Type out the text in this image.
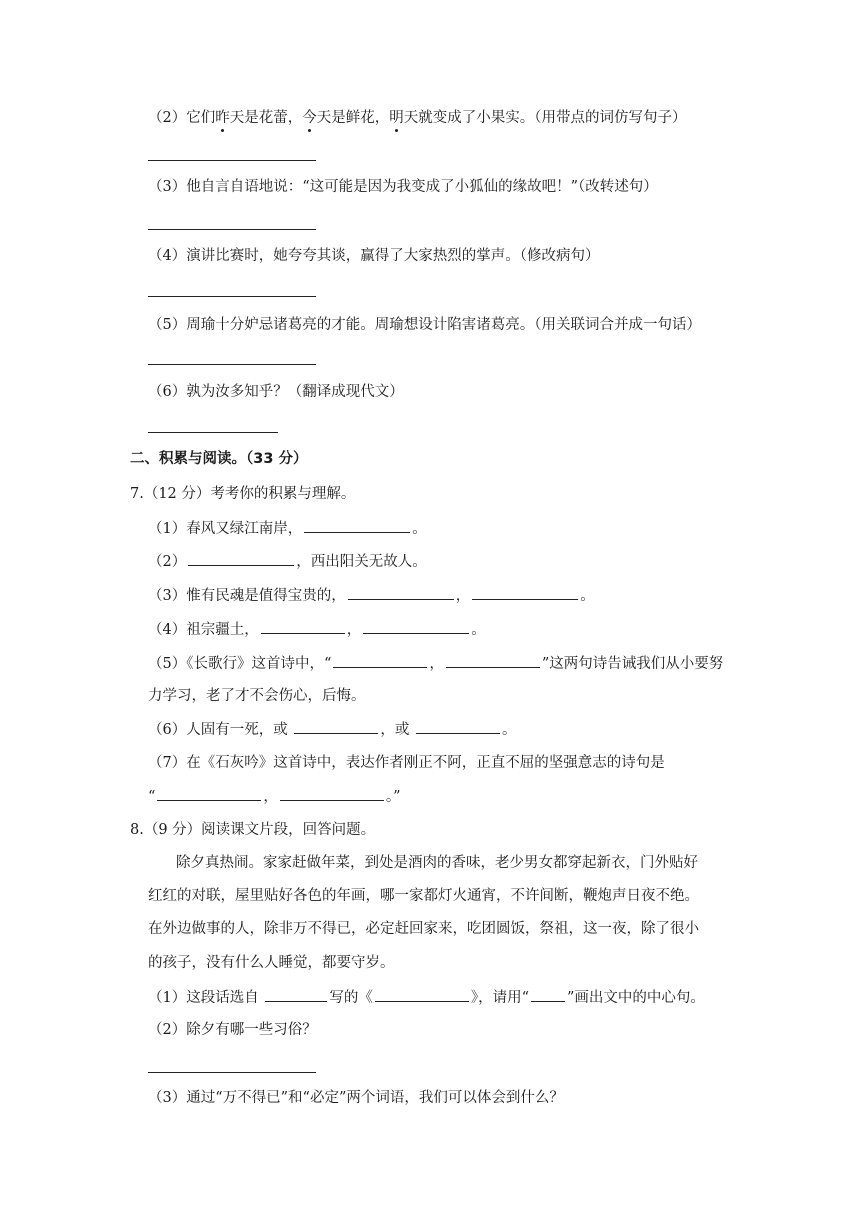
（2）它们昨天是花蕾，今天是鲜花，明天就变成了小果实。（用带点的词仿写句子）
（3）他自言自语地说：“这可能是因为我变成了小狐仙的缘故吧！”（改转述句）
（4）演讲比赛时，她夸夸其谈，赢得了大家热烈的掌声。（修改病句）
（5）周瑜十分妒忌诸葛亮的才能。周瑜想设计陷害诸葛亮。（用关联词合并成一句话）
（6）孰为汝多知乎？（翻译成现代文）
二、积累与阅读。（33 分）
7.（12 分）考考你的积累与理解。
（1）春风又绿江南岸，	。
（2）	，西出阳关无故人。
（3）惟有民魂是值得宝贵的，	，	。
（4）祖宗疆土，	，	。
（5）《长歌行》这首诗中，“	，	”这两句诗告诫我们从小要努
力学习，老了才不会伤心，后悔。
（6）人固有一死，或	，或	。
（7）在《石灰吟》这首诗中，表达作者刚正不阿，正直不屈的坚强意志的诗句是
“	，	。”
8.（9 分）阅读课文片段，回答问题。
除夕真热闹。家家赶做年菜，到处是酒肉的香味，老少男女都穿起新衣，门外贴好
红红的对联，屋里贴好各色的年画，哪一家都灯火通宵，不许间断，鞭炮声日夜不绝。
在外边做事的人，除非万不得已，必定赶回家来，吃团圆饭，祭祖，这一夜，除了很小
的孩子，没有什么人睡觉，都要守岁。
（1）这段话选自	写的《	》，请用“	”画出文中的中心句。
（2）除夕有哪一些习俗？
（3）通过“万不得已”和“必定”两个词语，我们可以体会到什么？
